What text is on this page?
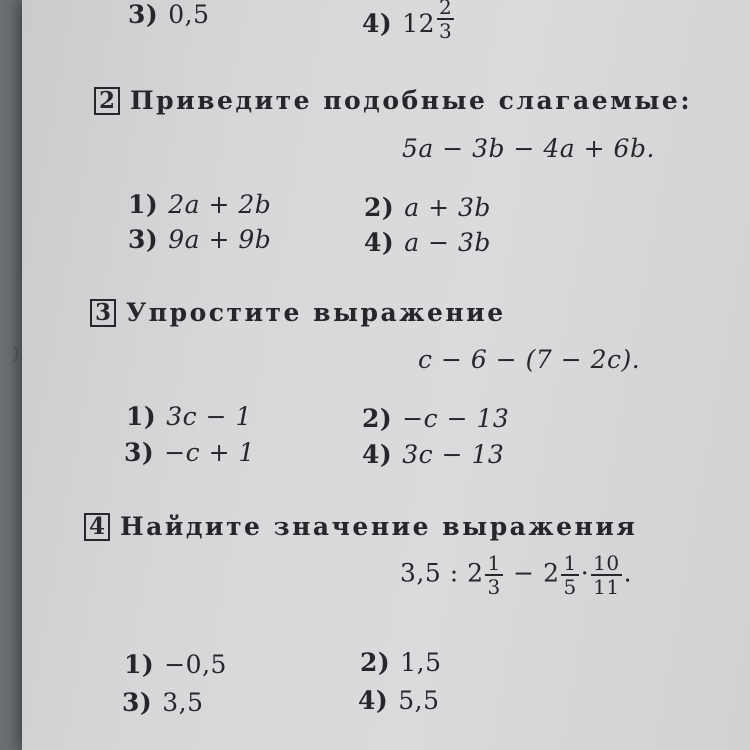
3) 0,5	4) $12 \frac{2}{3}$
2 Приведите подобные слагаемые:
5a − 3b − 4a + 6b.
1) 2a + 2b	2) a + 3b
3) 9a + 9b	4) a − 3b
3 Упростите выражение
c − 6 − (7 − 2c).
1) 3c − 1	2) −c − 13
3) −c + 1	4) 3c − 13
4 Найдите значение выражения
3,5 : $2 \frac{1}{3} - 2 \frac{1}{5} \cdot \frac{10}{11}$ .
1) −0,5	2) 1,5
3) 3,5	4) 5,5
